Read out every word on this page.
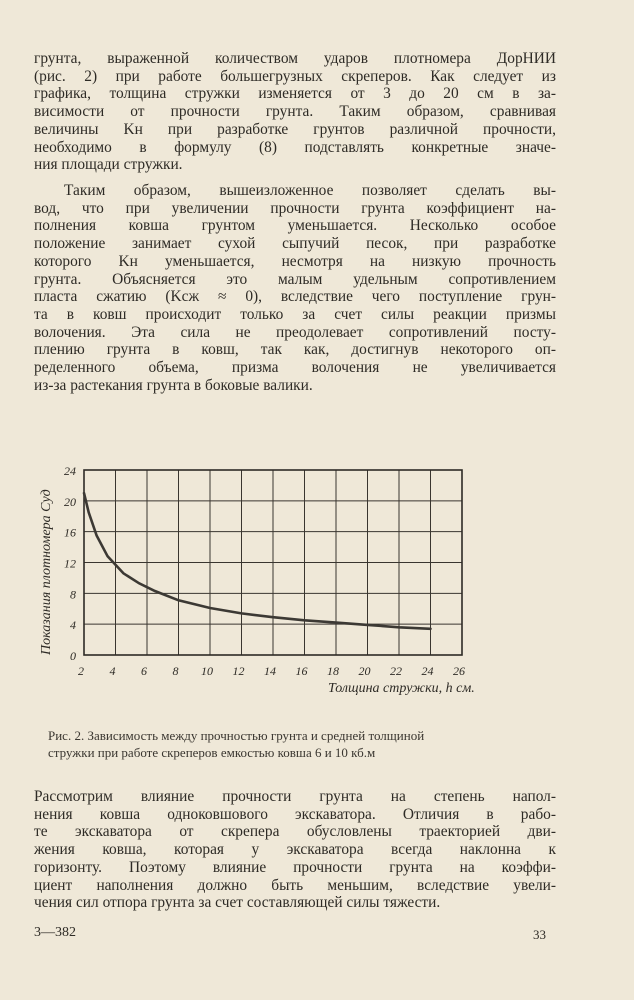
грунта, выраженной количеством ударов плотномера ДорНИИ
(рис. 2) при работе большегрузных скреперов. Как следует из
графика, толщина стружки изменяется от 3 до 20 см в за-
висимости от прочности грунта. Таким образом, сравнивая
величины Kн при разработке грунтов различной прочности,
необходимо в формулу (8) подставлять конкретные значе-
ния площади стружки.
Таким образом, вышеизложенное позволяет сделать вы-
вод, что при увеличении прочности грунта коэффициент на-
полнения ковша грунтом уменьшается. Несколько особое
положение занимает сухой сыпучий песок, при разработке
которого Kн уменьшается, несмотря на низкую прочность
грунта. Объясняется это малым удельным сопротивлением
пласта сжатию (Kсж ≈ 0), вследствие чего поступление грун-
та в ковш происходит только за счет силы реакции призмы
волочения. Эта сила не преодолевает сопротивлений посту-
плению грунта в ковш, так как, достигнув некоторого оп-
ределенного объема, призма волочения не увеличивается
из-за растекания грунта в боковые валики.
0
4
8
12
16
20
24
2 4 6 8 10 12 14 16 18 20 22 24 26
Показания плотномера Суд
Толщина стружки, h см.
Рис. 2. Зависимость между прочностью грунта и средней толщиной
стружки при работе скреперов емкостью ковша 6 и 10 кб.м
Рассмотрим влияние прочности грунта на степень напол-
нения ковша одноковшового экскаватора. Отличия в рабо-
те экскаватора от скрепера обусловлены траекторией дви-
жения ковша, которая у экскаватора всегда наклонна к
горизонту. Поэтому влияние прочности грунта на коэффи-
циент наполнения должно быть меньшим, вследствие увели-
чения сил отпора грунта за счет составляющей силы тяжести.
3—382	33
